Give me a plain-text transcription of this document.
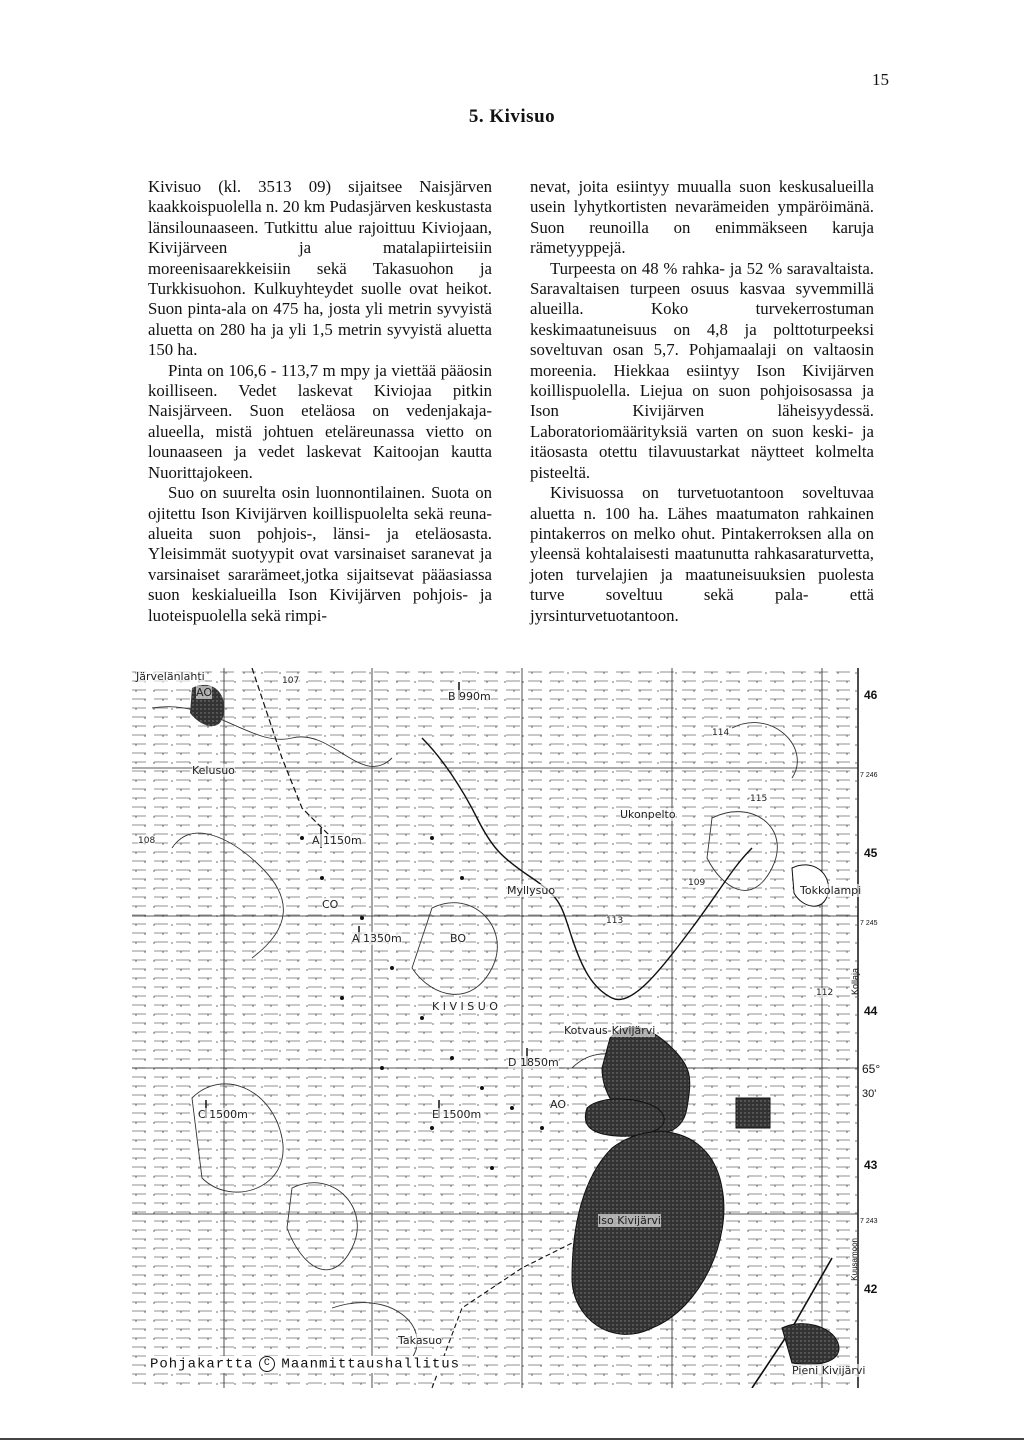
15
5. Kivisuo

Kivisuo (kl. 3513 09) sijaitsee Naisjärven kaakkoispuolella n. 20 km Pudasjärven keskustasta länsilounaaseen. Tutkittu alue rajoittuu Kiviojaan, Kivijärveen ja matalapiirteisiin moreenisaarekkeisiin sekä Takasuohon ja Turkkisuohon. Kulkuyhteydet suolle ovat heikot. Suon pinta-ala on 475 ha, josta yli metrin syvyistä aluetta on 280 ha ja yli 1,5 metrin syvyistä aluetta 150 ha.

Pinta on 106,6 - 113,7 m mpy ja viettää pääosin koilliseen. Vedet laskevat Kiviojaa pitkin Naisjärveen. Suon eteläosa on vedenjakaja-alueella, mistä johtuen eteläreunassa vietto on lounaaseen ja vedet laskevat Kaitoojan kautta Nuorittajokeen.

Suo on suurelta osin luonnontilainen. Suota on ojitettu Ison Kivijärven koillispuolelta sekä reuna-alueita suon pohjois-, länsi- ja eteläosasta. Yleisimmät suotyypit ovat varsinaiset saranevat ja varsinaiset sararämeet,jotka sijaitsevat pääasiassa suon keskialueilla Ison Kivijärven pohjois- ja luoteispuolella sekä rimpi-

nevat, joita esiintyy muualla suon keskusalueilla usein lyhytkortisten nevarämeiden ympäröimänä. Suon reunoilla on enimmäkseen karuja rämetyyppejä.

Turpeesta on 48 % rahka- ja 52 % saravaltaista. Saravaltaisen turpeen osuus kasvaa syvemmillä alueilla. Koko turvekerrostuman keskimaatuneisuus on 4,8 ja polttoturpeeksi soveltuvan osan 5,7. Pohjamaalaji on valtaosin moreenia. Hiekkaa esiintyy Ison Kivijärven koillispuolella. Liejua on suon pohjoisosassa ja Ison Kivijärven läheisyydessä. Laboratoriomäärityksiä varten on suon keski- ja itäosasta otettu tilavuustarkat näytteet kolmelta pisteeltä.

Kivisuossa on turvetuotantoon soveltuvaa aluetta n. 100 ha. Lähes maatumaton rahkainen pintakerros on melko ohut. Pintakerroksen alla on yleensä kohtalaisesti maatunutta rahkasaraturvetta, joten turvelajien ja maatuneisuuksien puolesta turve soveltuu sekä pala- että jyrsinturvetuotantoon.

Järvelänlahti
Kelusuo
Ukonpelto
Myllysuo	Tokkolampi
K I V I S U O
Kotvaus-Kivijärvi
Iso Kivijärvi
Takasuo
Pieni Kivijärvi
AO
AO
CO
BO
A 1150m
A 1350m
D 1850m
E 1500m
C 1500m
B 990m
107
113
114
115
112
109
108
46
7 246
45
7 245
44
65°
30'
43
7 243
42
Kollaja
Kuusamoon
Pohjakartta C Maanmittaushallitus
